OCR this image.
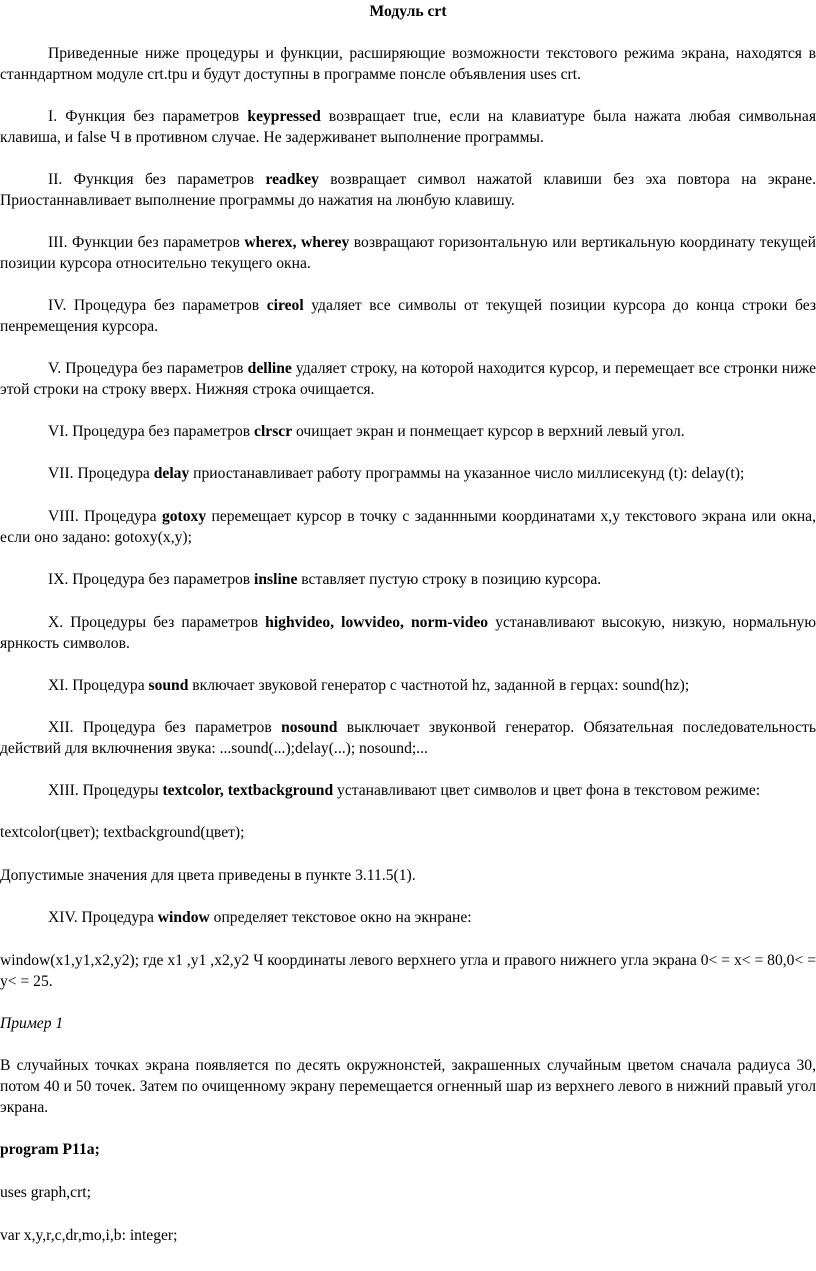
Модуль crt

Приведенные ниже процедуры и функции, расширяющие возможности текстового режима экрана, находятся в станндартном модуле crt.tpu и будут доступны в программе понсле объявления uses crt.

I. Функция без параметров keypressed возвращает true, если на клавиатуре была нажата любая символьная клавиша, и false Ч в противном случае. Не задерживанет выполнение программы.

II. Функция без параметров readkey возвращает символ нажатой клавиши без эха повтора на экране. Приостаннавливает выполнение программы до нажатия на люнбую клавишу.

III. Функции без параметров wherex, wherey возвращают горизонтальную или вертикальную координату текущей позиции курсора относительно текущего окна.

IV. Процедура без параметров cireol удаляет все символы от текущей позиции курсора до конца строки без пенремещения курсора.

V. Процедура без параметров delline удаляет строку, на которой находится курсор, и перемещает все стронки ниже этой строки на строку вверх. Нижняя строка очищается.

VI. Процедура без параметров clrscr очищает экран и понмещает курсор в верхний левый угол.

VII. Процедура delay приостанавливает работу программы на указанное число миллисекунд (t): delay(t);

VIII. Процедура gotoxy перемещает курсор в точку с заданнными координатами x,y текстового экрана или окна, если оно задано: gotoxy(x,y);

IX. Процедура без параметров insline вставляет пустую строку в позицию курсора.

X. Процедуры без параметров highvideo, lowvideo, norm-video устанавливают высокую, низкую, нормальную ярнкость символов.

XI. Процедура sound включает звуковой генератор с частнотой hz, заданной в герцах: sound(hz);

XII. Процедура без параметров nosound выключает звуконвой генератор. Обязательная последовательность действий для включнения звука: ...sound(...);delay(...); nosound;...

XIII. Процедуры textcolor, textbackground устанавливают цвет символов и цвет фона в текстовом режиме:

textcolor(цвет); textbackground(цвет);

Допустимые значения для цвета приведены в пункте 3.11.5(1).

XIV. Процедура window определяет текстовое окно на экнране:

window(x1,y1,x2,y2); где x1 ,y1 ,x2,y2 Ч координаты левого верхнего угла и правого нижнего угла экрана 0< = x< = 80,0< = y< = 25.

Пример 1

В случайных точках экрана появляется по десять окружнонстей, закрашенных случайным цветом сначала радиуса 30, потом 40 и 50 точек. Затем по очищенному экрану перемещается огненный шар из верхнего левого в нижний правый угол экрана.

program P11a;

uses graph,crt;

var x,y,r,c,dr,mo,i,b: integer;
